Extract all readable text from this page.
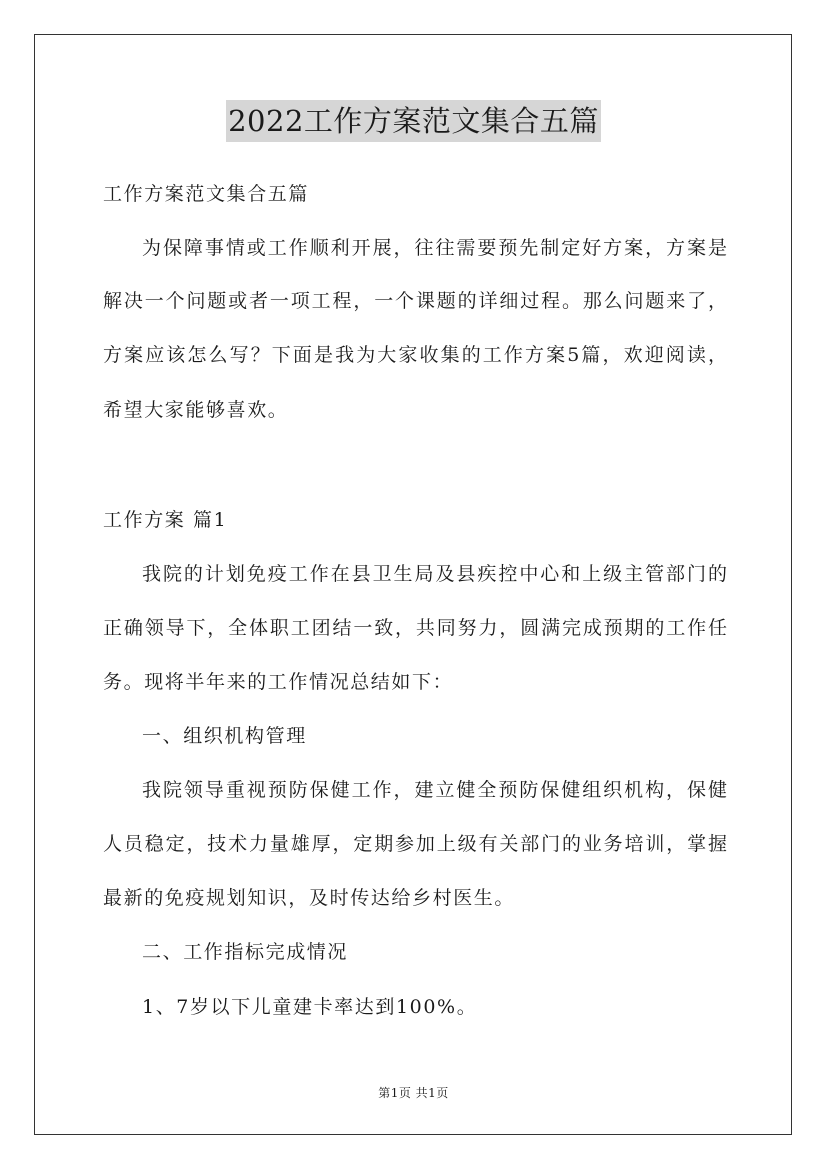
2022工作方案范文集合五篇
工作方案范文集合五篇
为保障事情或工作顺利开展，往往需要预先制定好方案，方案是
解决一个问题或者一项工程，一个课题的详细过程。那么问题来了，
方案应该怎么写？下面是我为大家收集的工作方案5篇，欢迎阅读，
希望大家能够喜欢。
工作方案 篇1
我院的计划免疫工作在县卫生局及县疾控中心和上级主管部门的
正确领导下，全体职工团结一致，共同努力，圆满完成预期的工作任
务。现将半年来的工作情况总结如下：
一、组织机构管理
我院领导重视预防保健工作，建立健全预防保健组织机构，保健
人员稳定，技术力量雄厚，定期参加上级有关部门的业务培训，掌握
最新的免疫规划知识，及时传达给乡村医生。
二、工作指标完成情况
1、7岁以下儿童建卡率达到100%。
第1页 共1页
